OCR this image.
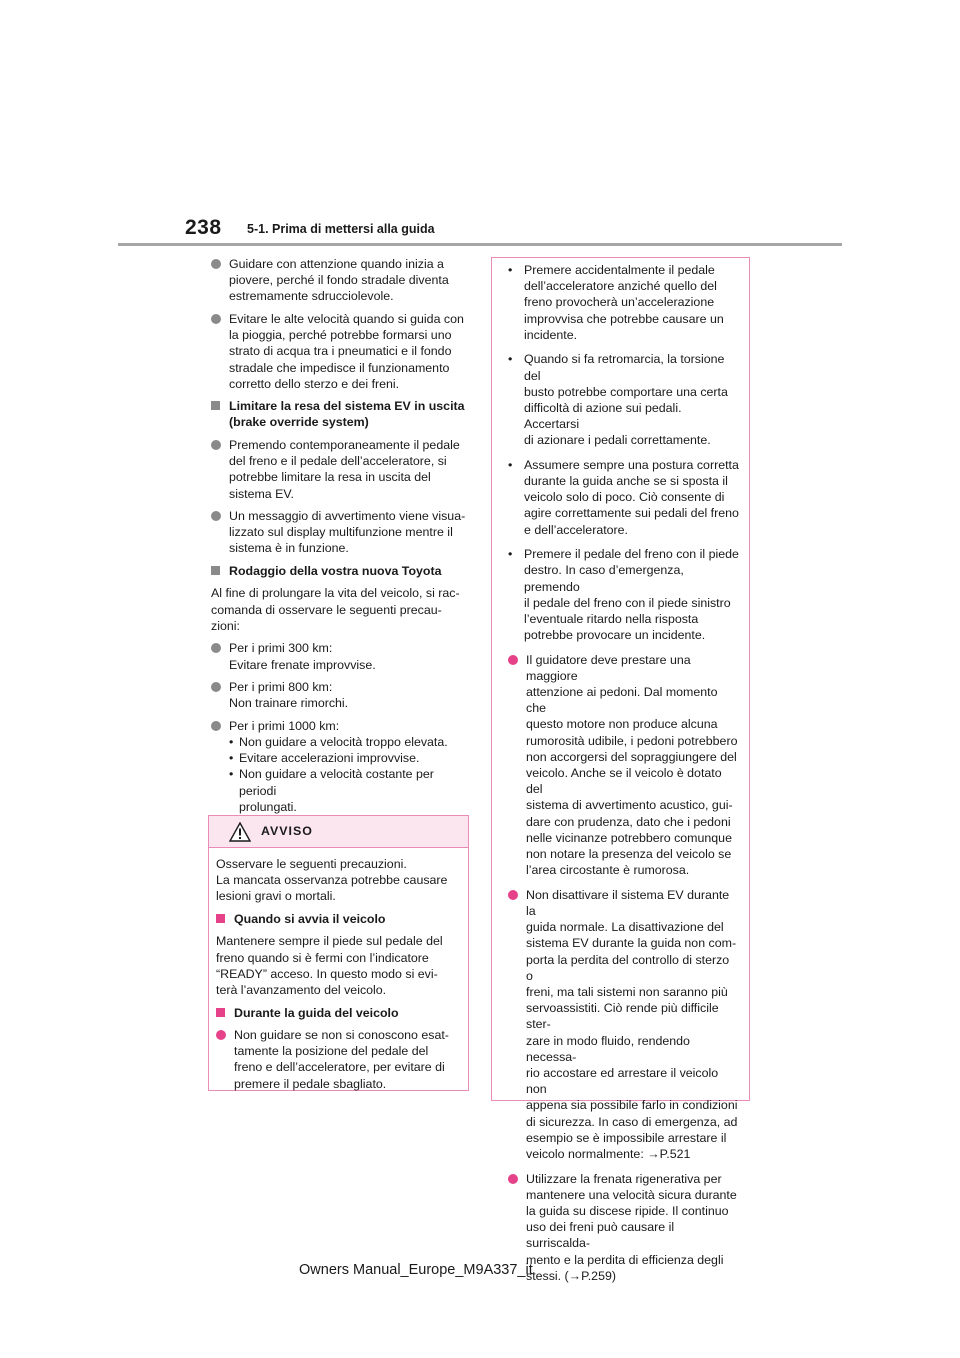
238 5-1. Prima di mettersi alla guida
Guidare con attenzione quando inizia a
piovere, perché il fondo stradale diventa
estremamente sdrucciolevole.
Evitare le alte velocità quando si guida con
la pioggia, perché potrebbe formarsi uno
strato di acqua tra i pneumatici e il fondo
stradale che impedisce il funzionamento
corretto dello sterzo e dei freni.
Limitare la resa del sistema EV in uscita
(brake override system)
Premendo contemporaneamente il pedale
del freno e il pedale dell’acceleratore, si
potrebbe limitare la resa in uscita del
sistema EV.
Un messaggio di avvertimento viene visua-
lizzato sul display multifunzione mentre il
sistema è in funzione.
Rodaggio della vostra nuova Toyota
Al fine di prolungare la vita del veicolo, si rac-
comanda di osservare le seguenti precau-
zioni:
Per i primi 300 km:
Evitare frenate improvvise.
Per i primi 800 km:
Non trainare rimorchi.
Per i primi 1000 km:
• Non guidare a velocità troppo elevata.
• Evitare accelerazioni improvvise.
• Non guidare a velocità costante per periodi
prolungati.
AVVISO
Osservare le seguenti precauzioni.
La mancata osservanza potrebbe causare
lesioni gravi o mortali.
Quando si avvia il veicolo
Mantenere sempre il piede sul pedale del
freno quando si è fermi con l’indicatore
“READY” acceso. In questo modo si evi-
terà l’avanzamento del veicolo.
Durante la guida del veicolo
Non guidare se non si conoscono esat-
tamente la posizione del pedale del
freno e dell’acceleratore, per evitare di
premere il pedale sbagliato.
• Premere accidentalmente il pedale
dell’acceleratore anziché quello del
freno provocherà un’accelerazione
improvvisa che potrebbe causare un
incidente.
• Quando si fa retromarcia, la torsione del
busto potrebbe comportare una certa
difficoltà di azione sui pedali. Accertarsi
di azionare i pedali correttamente.
• Assumere sempre una postura corretta
durante la guida anche se si sposta il
veicolo solo di poco. Ciò consente di
agire correttamente sui pedali del freno
e dell’acceleratore.
• Premere il pedale del freno con il piede
destro. In caso d’emergenza, premendo
il pedale del freno con il piede sinistro
l’eventuale ritardo nella risposta
potrebbe provocare un incidente.
Il guidatore deve prestare una maggiore
attenzione ai pedoni. Dal momento che
questo motore non produce alcuna
rumorosità udibile, i pedoni potrebbero
non accorgersi del sopraggiungere del
veicolo. Anche se il veicolo è dotato del
sistema di avvertimento acustico, gui-
dare con prudenza, dato che i pedoni
nelle vicinanze potrebbero comunque
non notare la presenza del veicolo se
l’area circostante è rumorosa.
Non disattivare il sistema EV durante la
guida normale. La disattivazione del
sistema EV durante la guida non com-
porta la perdita del controllo di sterzo o
freni, ma tali sistemi non saranno più
servoassistiti. Ciò rende più difficile ster-
zare in modo fluido, rendendo necessa-
rio accostare ed arrestare il veicolo non
appena sia possibile farlo in condizioni
di sicurezza. In caso di emergenza, ad
esempio se è impossibile arrestare il
veicolo normalmente: →P.521
Utilizzare la frenata rigenerativa per
mantenere una velocità sicura durante
la guida su discese ripide. Il continuo
uso dei freni può causare il surriscalda-
mento e la perdita di efficienza degli
stessi. (→P.259)
Owners Manual_Europe_M9A337_it
